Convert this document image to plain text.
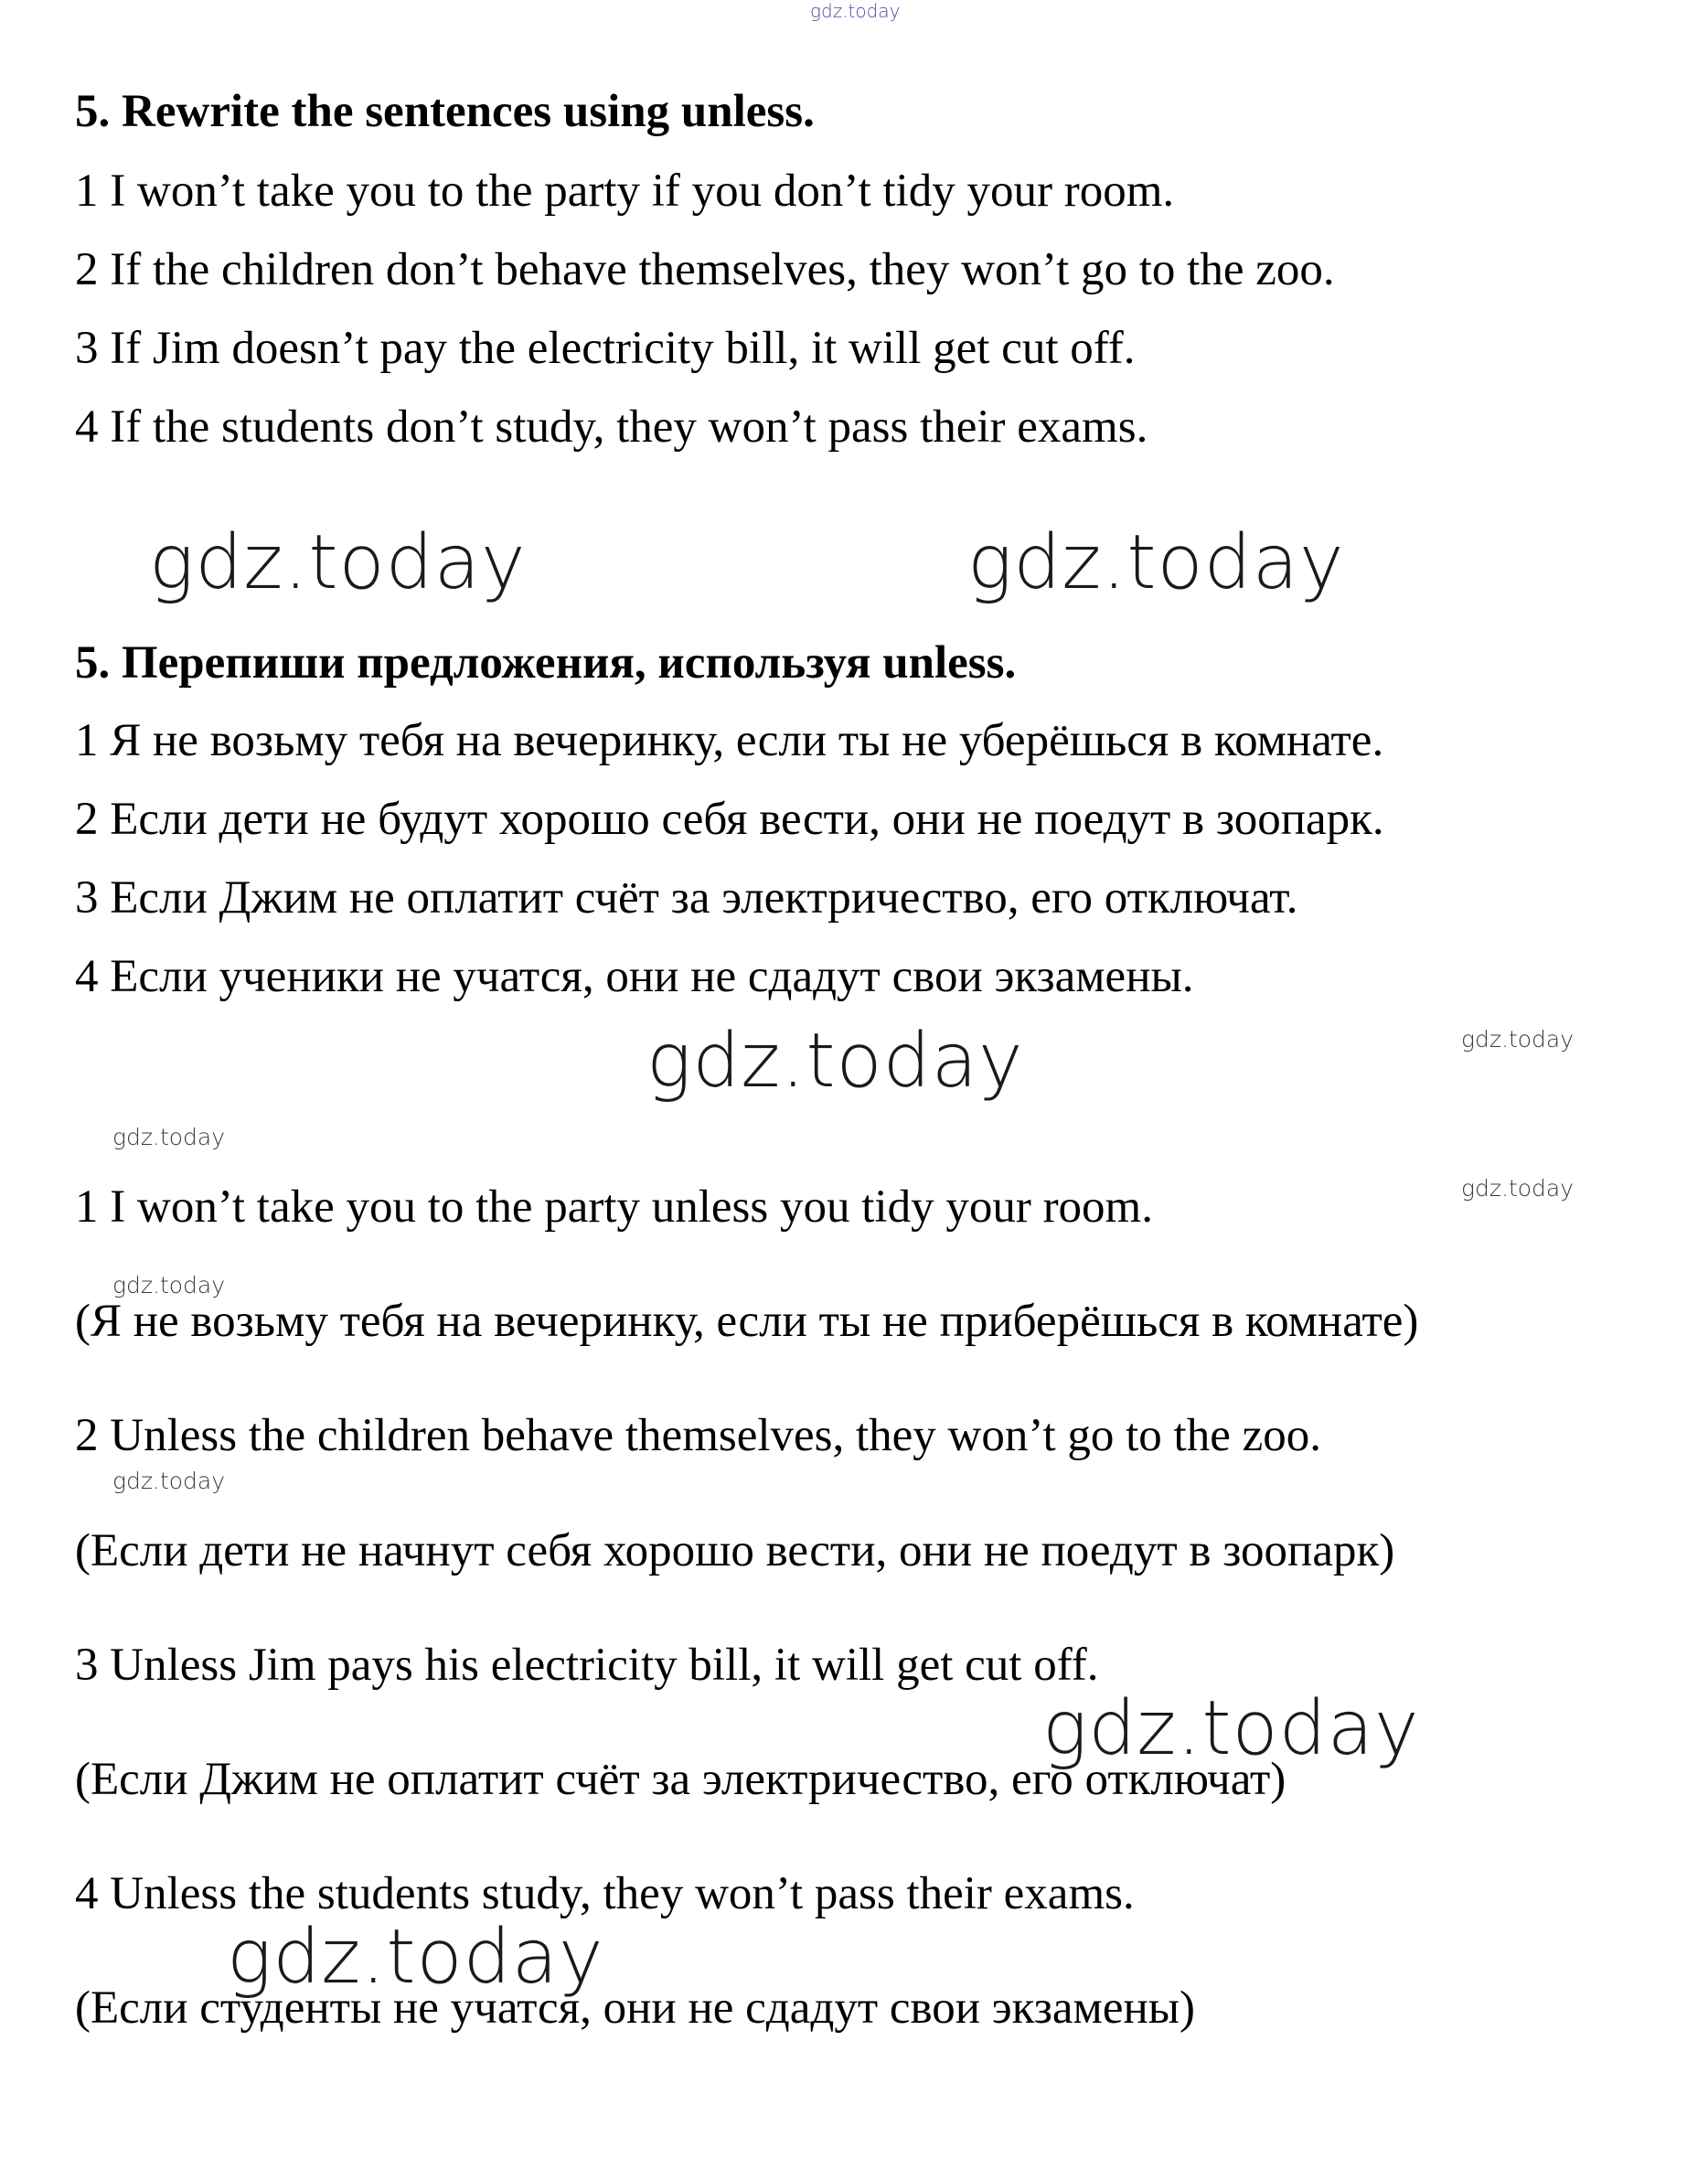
gdz.today
5. Rewrite the sentences using unless.
1 I won’t take you to the party if you don’t tidy your room.
2 If the children don’t behave themselves, they won’t go to the zoo.
3 If Jim doesn’t pay the electricity bill, it will get cut off.
4 If the students don’t study, they won’t pass their exams.
gdz.today	gdz.today
5. Перепиши предложения, используя unless.
1 Я не возьму тебя на вечеринку, если ты не уберёшься в комнате.
2 Если дети не будут хорошо себя вести, они не поедут в зоопарк.
3 Если Джим не оплатит счёт за электричество, его отключат.
4 Если ученики не учатся, они не сдадут свои экзамены.
gdz.today
gdz.today
gdz.today
gdz.today
1 I won’t take you to the party unless you tidy your room.
gdz.today
(Я не возьму тебя на вечеринку, если ты не приберёшься в комнате)
2 Unless the children behave themselves, they won’t go to the zoo.
gdz.today
(Если дети не начнут себя хорошо вести, они не поедут в зоопарк)
3 Unless Jim pays his electricity bill, it will get cut off.
gdz.today
(Если Джим не оплатит счёт за электричество, его отключат)
4 Unless the students study, they won’t pass their exams.
gdz.today
(Если студенты не учатся, они не сдадут свои экзамены)
